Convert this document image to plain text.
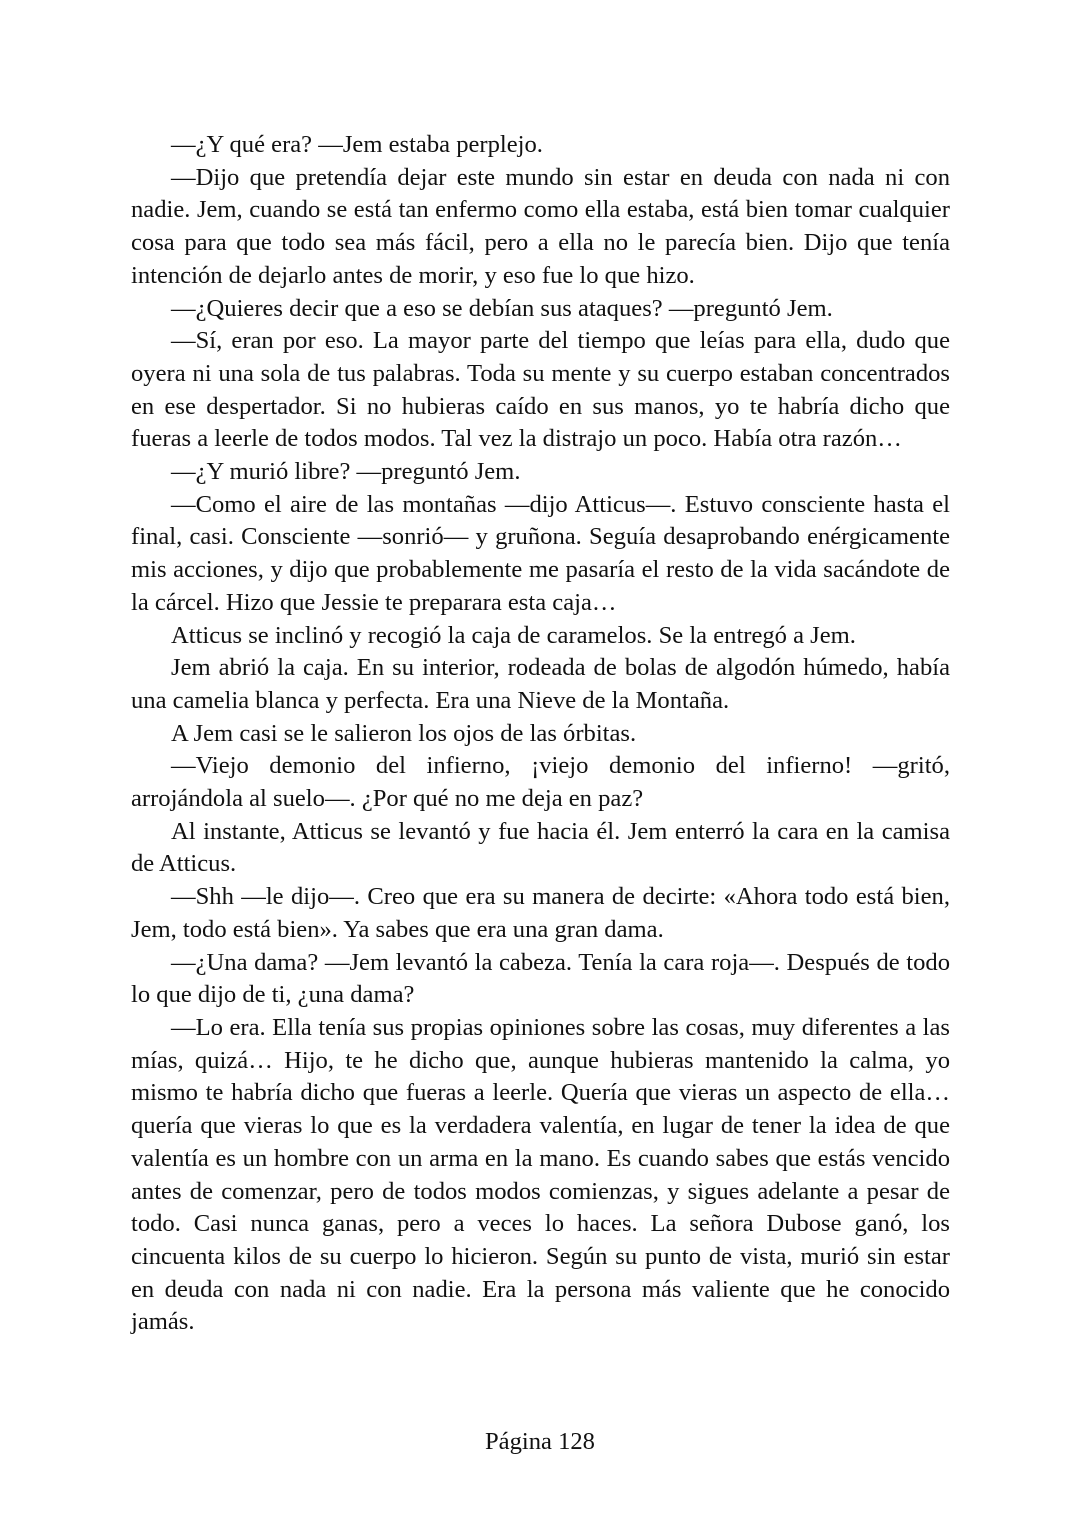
—¿Y qué era? —Jem estaba perplejo.

—Dijo que pretendía dejar este mundo sin estar en deuda con nada ni con nadie. Jem, cuando se está tan enfermo como ella estaba, está bien tomar cualquier cosa para que todo sea más fácil, pero a ella no le parecía bien. Dijo que tenía intención de dejarlo antes de morir, y eso fue lo que hizo.

—¿Quieres decir que a eso se debían sus ataques? —preguntó Jem.

—Sí, eran por eso. La mayor parte del tiempo que leías para ella, dudo que oyera ni una sola de tus palabras. Toda su mente y su cuerpo estaban concentrados en ese despertador. Si no hubieras caído en sus manos, yo te habría dicho que fueras a leerle de todos modos. Tal vez la distrajo un poco. Había otra razón…

—¿Y murió libre? —preguntó Jem.

—Como el aire de las montañas —dijo Atticus—. Estuvo consciente hasta el final, casi. Consciente —sonrió— y gruñona. Seguía desaprobando enérgicamente mis acciones, y dijo que probablemente me pasaría el resto de la vida sacándote de la cárcel. Hizo que Jessie te preparara esta caja…

Atticus se inclinó y recogió la caja de caramelos. Se la entregó a Jem.

Jem abrió la caja. En su interior, rodeada de bolas de algodón húmedo, había una camelia blanca y perfecta. Era una Nieve de la Montaña.

A Jem casi se le salieron los ojos de las órbitas.

—Viejo demonio del infierno, ¡viejo demonio del infierno! —gritó, arrojándola al suelo—. ¿Por qué no me deja en paz?

Al instante, Atticus se levantó y fue hacia él. Jem enterró la cara en la camisa de Atticus.

—Shh —le dijo—. Creo que era su manera de decirte: «Ahora todo está bien, Jem, todo está bien». Ya sabes que era una gran dama.

—¿Una dama? —Jem levantó la cabeza. Tenía la cara roja—. Después de todo lo que dijo de ti, ¿una dama?

—Lo era. Ella tenía sus propias opiniones sobre las cosas, muy diferentes a las mías, quizá… Hijo, te he dicho que, aunque hubieras mantenido la calma, yo mismo te habría dicho que fueras a leerle. Quería que vieras un aspecto de ella… quería que vieras lo que es la verdadera valentía, en lugar de tener la idea de que valentía es un hombre con un arma en la mano. Es cuando sabes que estás vencido antes de comenzar, pero de todos modos comienzas, y sigues adelante a pesar de todo. Casi nunca ganas, pero a veces lo haces. La señora Dubose ganó, los cincuenta kilos de su cuerpo lo hicieron. Según su punto de vista, murió sin estar en deuda con nada ni con nadie. Era la persona más valiente que he conocido jamás.

Página 128
